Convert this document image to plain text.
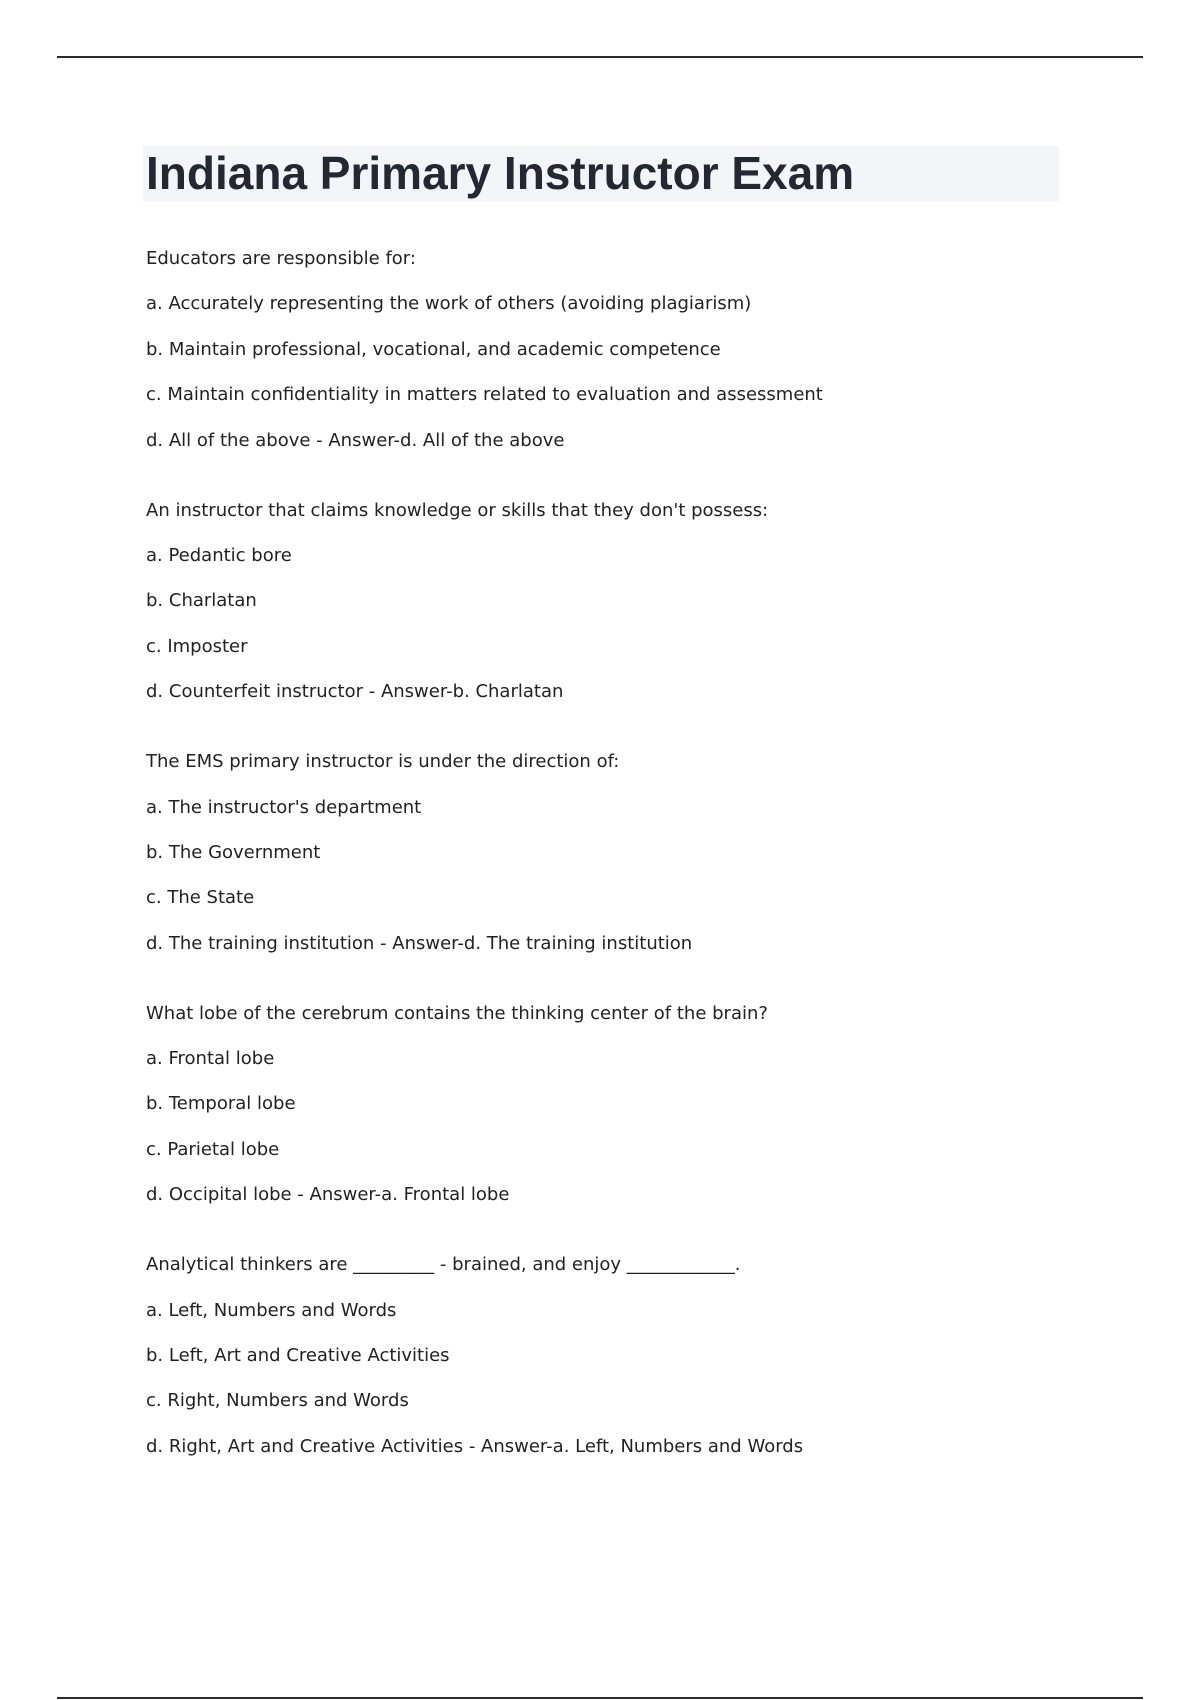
Indiana Primary Instructor Exam
Educators are responsible for:
a. Accurately representing the work of others (avoiding plagiarism)
b. Maintain professional, vocational, and academic competence
c. Maintain confidentiality in matters related to evaluation and assessment
d. All of the above - Answer-d. All of the above
An instructor that claims knowledge or skills that they don't possess:
a. Pedantic bore
b. Charlatan
c. Imposter
d. Counterfeit instructor - Answer-b. Charlatan
The EMS primary instructor is under the direction of:
a. The instructor's department
b. The Government
c. The State
d. The training institution - Answer-d. The training institution
What lobe of the cerebrum contains the thinking center of the brain?
a. Frontal lobe
b. Temporal lobe
c. Parietal lobe
d. Occipital lobe - Answer-a. Frontal lobe
Analytical thinkers are _________ - brained, and enjoy ____________.
a. Left, Numbers and Words
b. Left, Art and Creative Activities
c. Right, Numbers and Words
d. Right, Art and Creative Activities - Answer-a. Left, Numbers and Words
